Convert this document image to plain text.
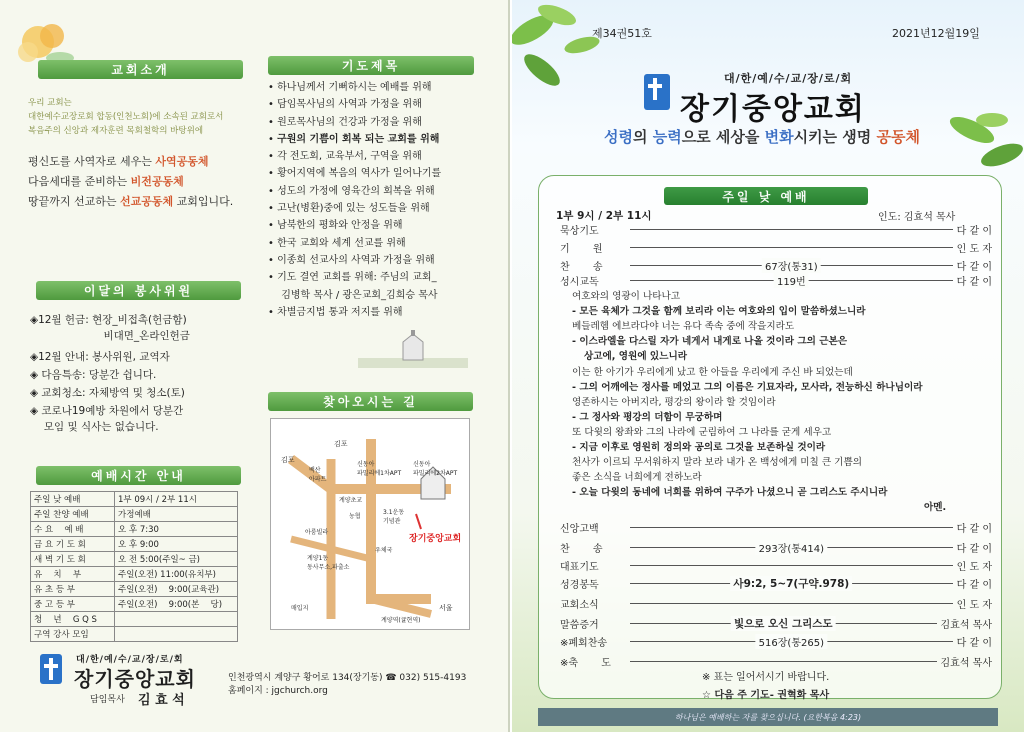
교회소개
우리 교회는
대한예수교장로회 합동(인천노회)에 소속된 교회로서
복음주의 신앙과 제자훈련 목회철학의 바탕위에
평신도를 사역자로 세우는 사역공동체
다음세대를 준비하는 비전공동체
땅끝까지 선교하는 선교공동체 교회입니다.
이달의 봉사위원
◈12월 헌금: 현장_비접촉(헌금함)
　　　　　　　비대면_온라인헌금
◈12월 안내: 봉사위원, 교역자
◈ 다음특송: 당분간 쉽니다.
◈ 교회청소: 자체방역 및 청소(토)
◈ 코로나19예방 차원에서 당분간
　 모임 및 식사는 없습니다.
예배시간 안내
주일 낮 예배	1부 09시 / 2부 11시
주일 찬양 예배	가정예배
수 요 　예 배	오 후 7:30
금 요 기 도 회	오 후 9:00
새 벽 기 도 회	오 전 5:00(주일~ 금)
유 　치 　부	주일(오전) 11:00(유치부)
유 초 등 부	주일(오전) 　9:00(교육관)
중 고 등 부	주일(오전) 　9:00(본 　당)
청 　년 　G Q S	
구역 강사 모임	
대/한/예/수/교/장/로/회
장기중앙교회
담임목사	김 효 석
인천광역시 계양구 황어로 134(장기동) ☎ 032) 515-4193
홈페이지 : jgchurch.org
기도제목
• 하나님께서 기뻐하시는 예배를 위해
• 담임목사님의 사역과 가정을 위해
• 원로목사님의 건강과 가정을 위해
• 구원의 기쁨이 회복 되는 교회를 위해
• 각 전도회, 교육부서, 구역을 위해
• 황어지역에 복음의 역사가 일어나기를
• 성도의 가정에 영육간의 회복을 위해
• 고난(병환)중에 있는 성도들을 위해
• 남북한의 평화와 안정을 위해
• 한국 교회와 세계 선교를 위해
• 이종희 선교사의 사역과 가정을 위해
• 기도 결연 교회를 위해: 주님의 교회_
　 김병학 목사 / 광은교회_김희승 목사
• 차별금지법 통과 저지를 위해
찾아오시는 길
김포
김포
백산
아파트
신동아
파밀리에1차APT
신동아
파밀리에2차APT
계양초교
농협
3.1운동
기념관
장기중앙교회
아룸빌라
계양1동
동사무소,파출소
우체국
매입지	서울
계양역(귤현역)
제34권51호	2021년12월19일
대/한/예/수/교/장/로/회
장기중앙교회
성령의 능력으로 세상을 변화시키는 생명 공동체
주일 낮 예배
1부 9시 / 2부 11시	인도: 김효석 목사
묵상기도	다 같 이
기 　　원	인 도 자
찬 　　송	67장(통31)	다 같 이
성시교독	119번	다 같 이
여호와의 영광이 나타나고
- 모든 육체가 그것을 함께 보리라 이는 여호와의 입이 말씀하셨느니라
베들레헴 에브라다야 너는 유다 족속 중에 작을지라도
- 이스라엘을 다스릴 자가 네게서 내게로 나올 것이라 그의 근본은
상고에, 영원에 있느니라
이는 한 아기가 우리에게 났고 한 아들을 우리에게 주신 바 되었는데
- 그의 어깨에는 정사를 메었고 그의 이름은 기묘자라, 모사라, 전능하신 하나님이라
영존하시는 아버지라, 평강의 왕이라 할 것임이라
- 그 정사와 평강의 더함이 무궁하며
또 다윗의 왕좌와 그의 나라에 군림하여 그 나라를 굳게 세우고
- 지금 이후로 영원히 정의와 공의로 그것을 보존하실 것이라
천사가 이르되 무서워하지 말라 보라 내가 온 백성에게 미칠 큰 기쁨의
좋은 소식을 너희에게 전하노라
- 오늘 다윗의 동네에 너희를 위하여 구주가 나셨으니 곧 그리스도 주시니라
아멘.
신앙고백	다 같 이
찬 　　송	293장(통414)	다 같 이
대표기도	인 도 자
성경봉독	사9:2, 5~7(구약.978)	다 같 이
교회소식	인 도 자
말씀증거	빛으로 오신 그리스도	김효석 목사
※폐회찬송	516장(통265)	다 같 이
※축 　　도	김효석 목사
※ 표는 일어서시기 바랍니다.
☆ 다음 주 기도- 권혁화 목사
하나님은 예배하는 자를 찾으십니다. (요한복음 4:23)
